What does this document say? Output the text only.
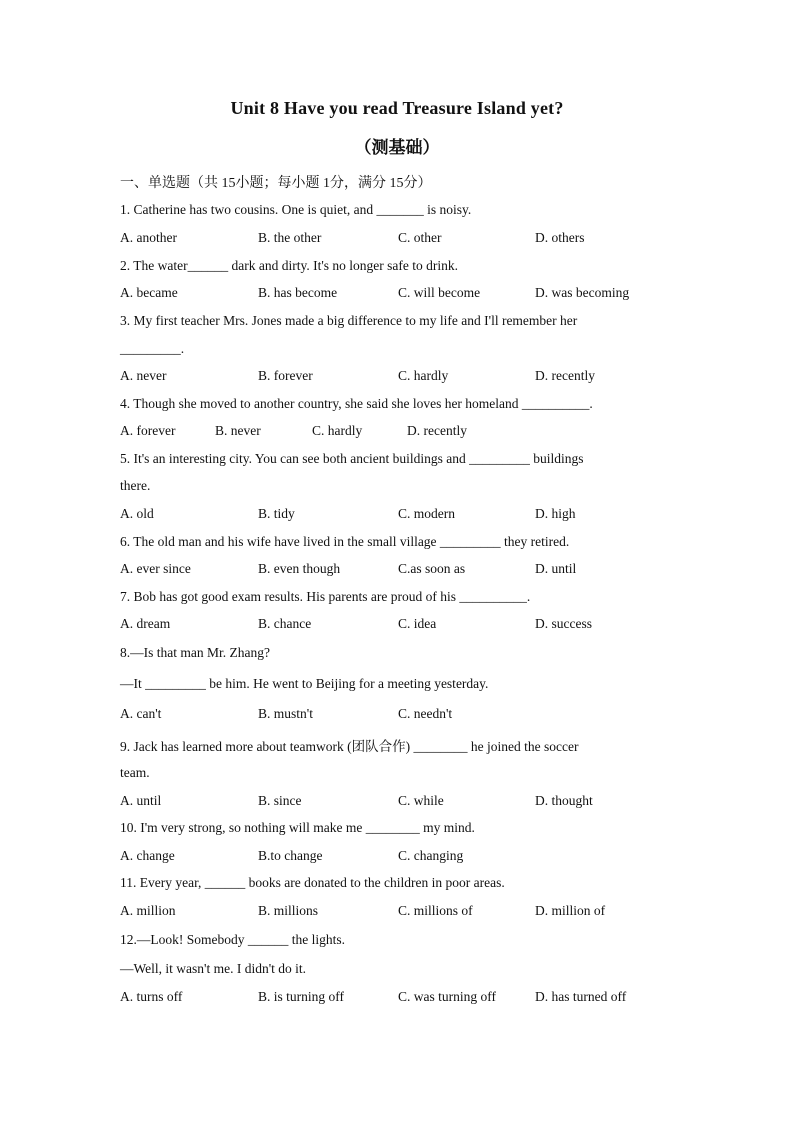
Unit 8 Have you read Treasure Island yet?
（测基础）
一、单选题（共 15小题；每小题 1分，满分 15分）
1. Catherine has two cousins. One is quiet, and _______ is noisy.
A. another	B. the other	C. other	D. others
2. The water______ dark and dirty. It's no longer safe to drink.
A. became	B. has become	C. will become	D. was becoming
3. My first teacher Mrs. Jones made a big difference to my life and I'll remember her
_________.
A. never	B. forever	C. hardly	D. recently
4. Though she moved to another country, she said she loves her homeland __________.
A. forever	B. never	C. hardly	D. recently
5. It's an interesting city. You can see both ancient buildings and _________ buildings
there.
A. old	B. tidy	C. modern	D. high
6. The old man and his wife have lived in the small village _________ they retired.
A. ever since	B. even though	C.as soon as	D. until
7. Bob has got good exam results. His parents are proud of his __________.
A. dream	B. chance	C. idea	D. success
8.—Is that man Mr. Zhang?
—It _________ be him. He went to Beijing for a meeting yesterday.
A. can't	B. mustn't	C. needn't
9. Jack has learned more about teamwork (团队合作) ________ he joined the soccer
team.
A. until	B. since	C. while	D. thought
10. I'm very strong, so nothing will make me ________ my mind.
A. change	B.to change	C. changing
11. Every year, ______ books are donated to the children in poor areas.
A. million	B. millions	C. millions of	D. million of
12.—Look! Somebody ______ the lights.
—Well, it wasn't me. I didn't do it.
A. turns off	B. is turning off	C. was turning off	D. has turned off
